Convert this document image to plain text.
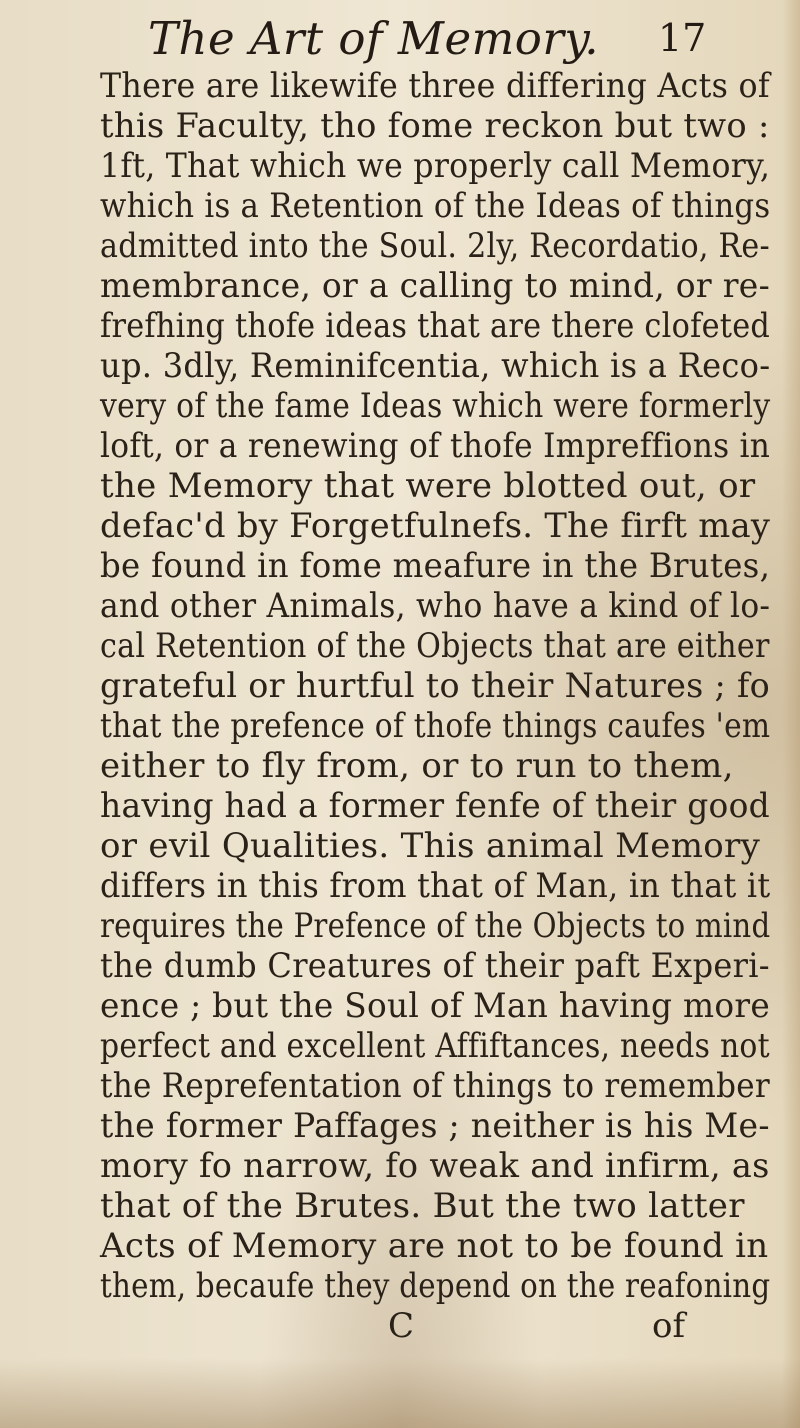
The Art of Memory. 17
There are likewife three differing Acts of
this Faculty, tho fome reckon but two :
1ft, That which we properly call Memory,
which is a Retention of the Ideas of things
admitted into the Soul. 2ly, Recordatio, Re-
membrance, or a calling to mind, or re-
frefhing thofe ideas that are there clofeted
up. 3dly, Reminifcentia, which is a Reco-
very of the fame Ideas which were formerly
loft, or a renewing of thofe Impreffions in
the Memory that were blotted out, or
defac'd by Forgetfulnefs. The firft may
be found in fome meafure in the Brutes,
and other Animals, who have a kind of lo-
cal Retention of the Objects that are either
grateful or hurtful to their Natures ; fo
that the prefence of thofe things caufes 'em
either to fly from, or to run to them,
having had a former fenfe of their good
or evil Qualities. This animal Memory
differs in this from that of Man, in that it
requires the Prefence of the Objects to mind
the dumb Creatures of their paft Experi-
ence ; but the Soul of Man having more
perfect and excellent Affiftances, needs not
the Reprefentation of things to remember
the former Paffages ; neither is his Me-
mory fo narrow, fo weak and infirm, as
that of the Brutes. But the two latter
Acts of Memory are not to be found in
them, becaufe they depend on the reafoning
C	of
